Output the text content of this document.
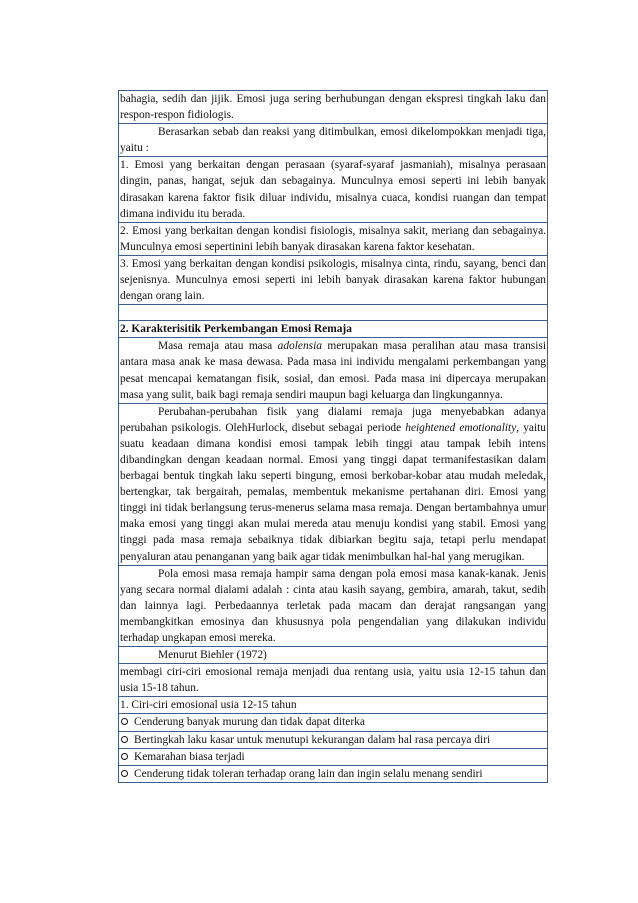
bahagia, sedih dan jijik. Emosi juga sering berhubungan dengan ekspresi tingkah laku dan respon-respon fidiologis.
Berasarkan sebab dan reaksi yang ditimbulkan, emosi dikelompokkan menjadi tiga, yaitu :
1. Emosi yang berkaitan dengan perasaan (syaraf-syaraf jasmaniah), misalnya perasaan dingin, panas, hangat, sejuk dan sebagainya. Munculnya emosi seperti ini lebih banyak dirasakan karena faktor fisik diluar individu, misalnya cuaca, kondisi ruangan dan tempat dimana individu itu berada.
2. Emosi yang berkaitan dengan kondisi fisiologis, misalnya sakit, meriang dan sebagainya. Munculnya emosi sepertinini lebih banyak dirasakan karena faktor kesehatan.
3. Emosi yang berkaitan dengan kondisi psikologis, misalnya cinta, rindu, sayang, benci dan sejenisnya. Munculnya emosi seperti ini lebih banyak dirasakan karena faktor hubungan dengan orang lain.
2. Karakterisitik Perkembangan Emosi Remaja
Masa remaja atau masa adolensia merupakan masa peralihan atau masa transisi antara masa anak ke masa dewasa. Pada masa ini individu mengalami perkembangan yang pesat mencapai kematangan fisik, sosial, dan emosi. Pada masa ini dipercaya merupakan masa yang sulit, baik bagi remaja sendiri maupun bagi keluarga dan lingkungannya.
Perubahan-perubahan fisik yang dialami remaja juga menyebabkan adanya perubahan psikologis. OlehHurlock, disebut sebagai periode heightened emotionality, yaitu suatu keadaan dimana kondisi emosi tampak lebih tinggi atau tampak lebih intens dibandingkan dengan keadaan normal. Emosi yang tinggi dapat termanifestasikan dalam berbagai bentuk tingkah laku seperti bingung, emosi berkobar-kobar atau mudah meledak, bertengkar, tak bergairah, pemalas, membentuk mekanisme pertahanan diri. Emosi yang tinggi ini tidak berlangsung terus-menerus selama masa remaja. Dengan bertambahnya umur maka emosi yang tinggi akan mulai mereda atau menuju kondisi yang stabil. Emosi yang tinggi pada masa remaja sebaiknya tidak dibiarkan begitu saja, tetapi perlu mendapat penyaluran atau penanganan yang baik agar tidak menimbulkan hal-hal yang merugikan.
Pola emosi masa remaja hampir sama dengan pola emosi masa kanak-kanak. Jenis yang secara normal dialami adalah : cinta atau kasih sayang, gembira, amarah, takut, sedih dan lainnya lagi. Perbedaannya terletak pada macam dan derajat rangsangan yang membangkitkan emosinya dan khususnya pola pengendalian yang dilakukan individu terhadap ungkapan emosi mereka.
Menurut Biehler (1972)
membagi ciri-ciri emosional remaja menjadi dua rentang usia, yaitu usia 12-15 tahun dan usia 15-18 tahun.
1. Ciri-ciri emosional usia 12-15 tahun
Cenderung banyak murung dan tidak dapat diterka
Bertingkah laku kasar untuk menutupi kekurangan dalam hal rasa percaya diri
Kemarahan biasa terjadi
Cenderung tidak toleran terhadap orang lain dan ingin selalu menang sendiri
